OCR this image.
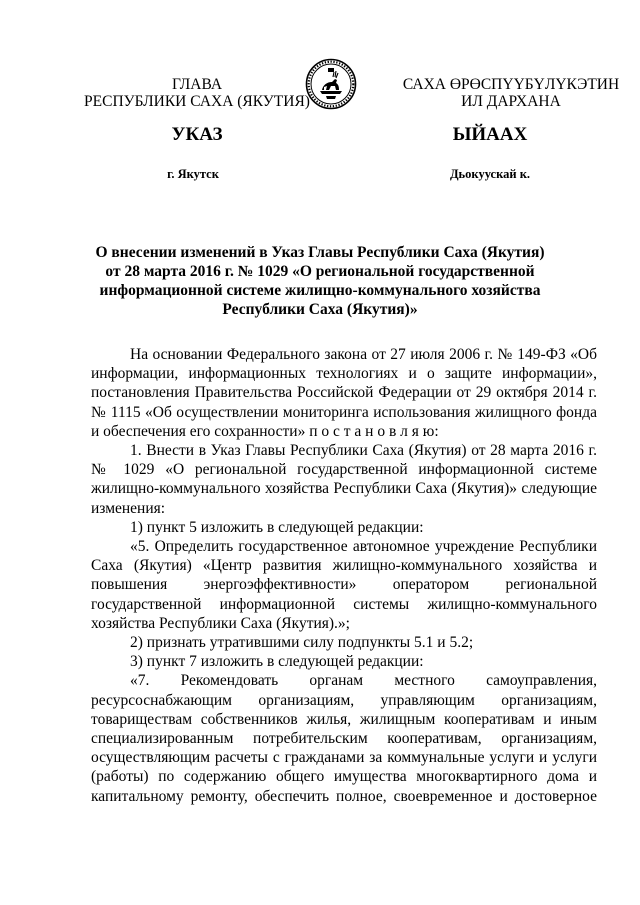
ГЛАВА
РЕСПУБЛИКИ САХА (ЯКУТИЯ)
САХА ӨРӨСПҮҮБҮЛҮКЭТИН
ИЛ ДАРХАНА
УКАЗ	ЫЙААХ
г. Якутск	Дьокуускай к.
О внесении изменений в Указ Главы Республики Саха (Якутия)
от 28 марта 2016 г. № 1029 «О региональной государственной
информационной системе жилищно-коммунального хозяйства
Республики Саха (Якутия)»

На основании Федерального закона от 27 июля 2006 г. № 149-ФЗ «Об информации, информационных технологиях и о защите информации», постановления Правительства Российской Федерации от 29 октября 2014 г. № 1115 «Об осуществлении мониторинга использования жилищного фонда и обеспечения его сохранности» п о с т а н о в л я ю:

1. Внести в Указ Главы Республики Саха (Якутия) от 28 марта 2016 г. № 1029 «О региональной государственной информационной системе жилищно-коммунального хозяйства Республики Саха (Якутия)» следующие изменения:

1) пункт 5 изложить в следующей редакции:

«5. Определить государственное автономное учреждение Республики Саха (Якутия) «Центр развития жилищно-коммунального хозяйства и повышения энергоэффективности» оператором региональной государственной информационной системы жилищно-коммунального хозяйства Республики Саха (Якутия).»;

2) признать утратившими силу подпункты 5.1 и 5.2;

3) пункт 7 изложить в следующей редакции:

«7. Рекомендовать органам местного самоуправления, ресурсоснабжающим организациям, управляющим организациям, товариществам собственников жилья, жилищным кооперативам и иным специализированным потребительским кооперативам, организациям, осуществляющим расчеты с гражданами за коммунальные услуги и услуги (работы) по содержанию общего имущества многоквартирного дома и капитальному ремонту, обеспечить полное, своевременное и достоверное
